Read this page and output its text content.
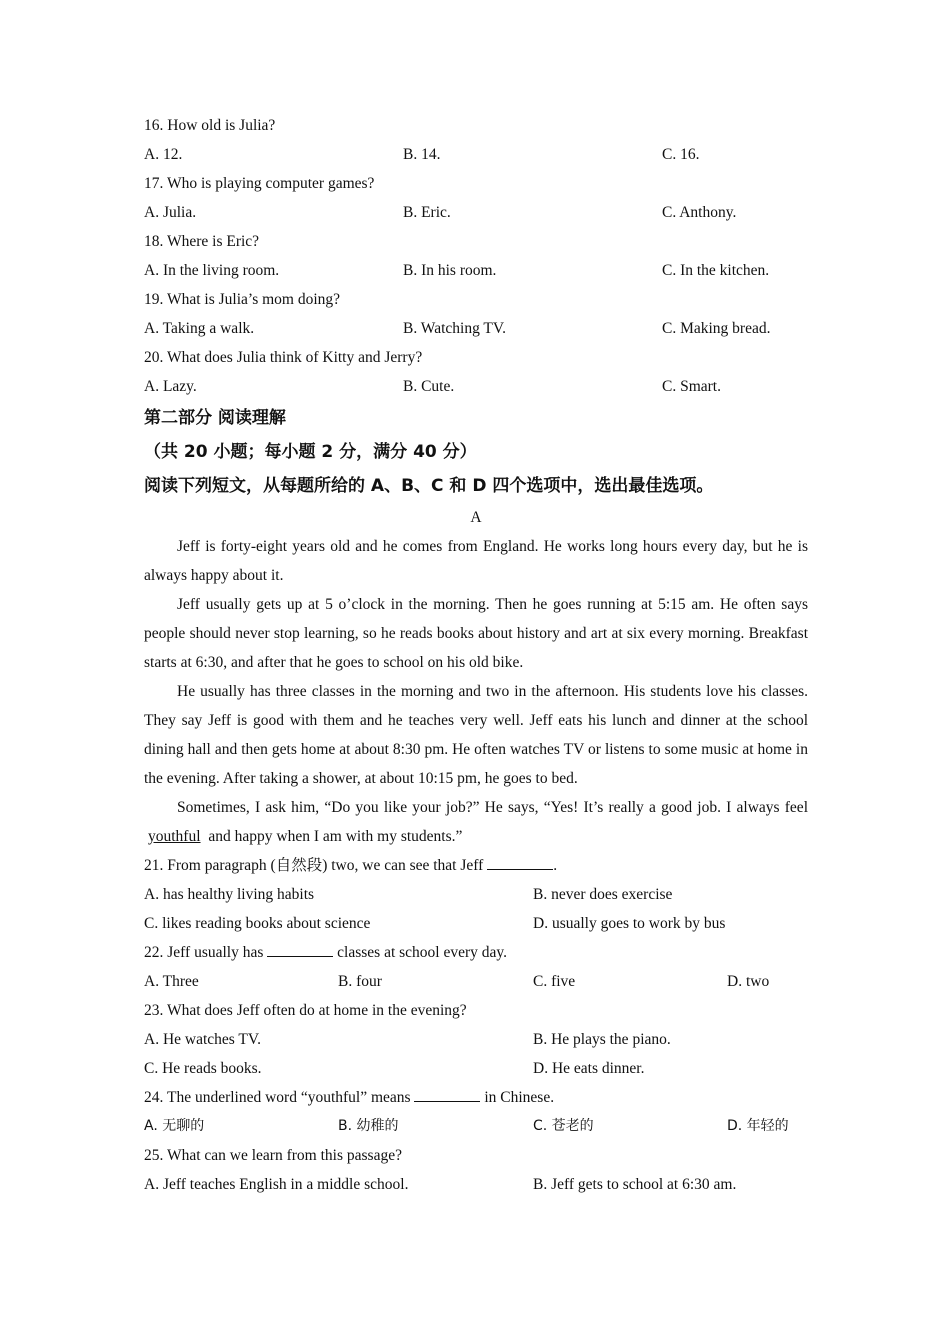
16. How old is Julia?
A. 12.	B. 14.	C. 16.
17. Who is playing computer games?
A. Julia.	B. Eric.	C. Anthony.
18. Where is Eric?
A. In the living room.	B. In his room.	C. In the kitchen.
19. What is Julia’s mom doing?
A. Taking a walk.	B. Watching TV.	C. Making bread.
20. What does Julia think of Kitty and Jerry?
A. Lazy.	B. Cute.	C. Smart.
第二部分 阅读理解
（共 20 小题；每小题 2 分，满分 40 分）
阅读下列短文，从每题所给的 A、B、C 和 D 四个选项中，选出最佳选项。
A

Jeff is forty-eight years old and he comes from England. He works long hours every day, but he is always happy about it.

Jeff usually gets up at 5 o’clock in the morning. Then he goes running at 5:15 am. He often says people should never stop learning, so he reads books about history and art at six every morning. Breakfast starts at 6:30, and after that he goes to school on his old bike.

He usually has three classes in the morning and two in the afternoon. His students love his classes. They say Jeff is good with them and he teaches very well. Jeff eats his lunch and dinner at the school dining hall and then gets home at about 8:30 pm. He often watches TV or listens to some music at home in the evening. After taking a shower, at about 10:15 pm, he goes to bed.

Sometimes, I ask him, “Do you like your job?” He says, “Yes! It’s really a good job. I always feel youthful and happy when I am with my students.”

21. From paragraph (自然段) two, we can see that Jeff	.
A. has healthy living habits	B. never does exercise
C. likes reading books about science	D. usually goes to work by bus
22. Jeff usually has	classes at school every day.
A. Three	B. four	C. five	D. two
23. What does Jeff often do at home in the evening?
A. He watches TV.	B. He plays the piano.
C. He reads books.	D. He eats dinner.
24. The underlined word “youthful” means	in Chinese.
A. 无聊的	B. 幼稚的	C. 苍老的	D. 年轻的
25. What can we learn from this passage?
A. Jeff teaches English in a middle school.	B. Jeff gets to school at 6:30 am.
